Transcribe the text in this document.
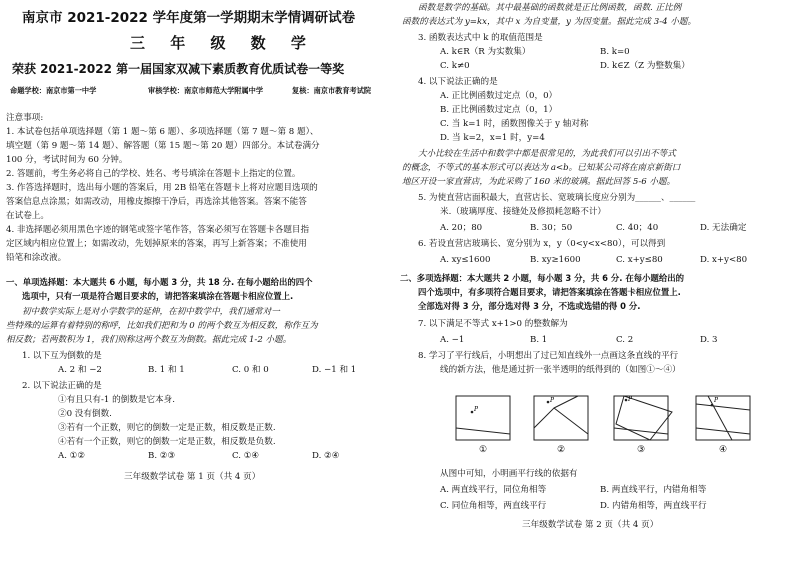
南京市 2021-2022 学年度第一学期期末学情调研试卷
三 年 级 数 学
荣获 2021-2022 第一届国家双减下素质教育优质试卷一等奖
命题学校：南京市第一中学	审核学校：南京市师范大学附属中学	复核：南京市教育考试院
注意事项:
1. 本试卷包括单项选择题（第 1 题～第 6 题）、多项选择题（第 7 题～第 8 题）、
填空题（第 9 题～第 14 题）、解答题（第 15 题～第 20 题）四部分。本试卷满分
100 分，考试时间为 60 分钟。
2. 答题前，考生务必将自己的学校、姓名、考号填涂在答题卡上指定的位置。
3. 作答选择题时，选出每小题的答案后，用 2B 铅笔在答题卡上将对应题目选项的
答案信息点涂黑；如需改动，用橡皮擦擦干净后，再选涂其他答案。答案不能答
在试卷上。
4. 非选择题必须用黑色字迹的钢笔或签字笔作答，答案必须写在答题卡各题目指
定区域内相应位置上；如需改动，先划掉原来的答案，再写上新答案；不准使用
铅笔和涂改液。
一、单项选择题：本大题共 6 小题，每小题 3 分，共 18 分. 在每小题给出的四个
选项中，只有一项是符合题目要求的，请把答案填涂在答题卡相应位置上.
初中数学实际上是对小学数学的延伸，在初中数学中，我们通常对一
些特殊的运算有着特别的称呼，比如我们把和为 0 的两个数互为相反数，称作互为
相反数；若两数积为 1，我们则称这两个数互为倒数。据此完成 1-2 小题。
1. 以下互为倒数的是
A. 2 和 −2	B. 1 和 1	C. 0 和 0	D. −1 和 1
2. 以下说法正确的是
①有且只有-1 的倒数是它本身.
②0 没有倒数.
③若有一个正数，则它的倒数一定是正数，相反数是正数.
④若有一个正数，则它的倒数一定是正数，相反数是负数.
A. ①②	B. ②③	C. ①④	D. ②④
三年级数学试卷 第 1 页（共 4 页）
函数是数学的基础。其中最基础的函数就是正比例函数，函数. 正比例
函数的表达式为 y=kx，其中 x 为自变量，y 为因变量。据此完成 3-4 小题。
3. 函数表达式中 k 的取值范围是
A. k∈R（R 为实数集）	B. k=0
C. k≠0	D. k∈Z（Z 为整数集）
4. 以下说法正确的是
A. 正比例函数过定点（0，0）
B. 正比例函数过定点（0，1）
C. 当 k=1 时，函数图像关于 y 轴对称
D. 当 k=2，x=1 时，y=4
大小比较在生活中和数学中都是很常见的，为此我们可以引出不等式
的概念，不等式的基本形式可以表达为 a<b。已知某公司将在南京新街口
地区开设一家直营店，为此采购了 160 米的玻璃。据此回答 5-6 小题。
5. 为使直营店面积最大，直营店长、宽玻璃长度应分别为______、______
米.（玻璃厚度、接缝处及修损耗忽略不计）
A. 20；80	B. 30；50	C. 40；40	D. 无法确定
6. 若设直营店玻璃长、宽分别为 x，y（0<y<x<80），可以得到
A. xy≤1600	B. xy≥1600	C. x+y≤80	D. x+y<80
二、多项选择题：本大题共 2 小题，每小题 3 分，共 6 分. 在每小题给出的
四个选项中，有多项符合题目要求，请把答案填涂在答题卡相应位置上.
全部选对得 3 分，部分选对得 3 分，不选或选错的得 0 分.
7. 以下满足不等式 x+1>0 的整数解为
A. −1	B. 1	C. 2	D. 3
8. 学习了平行线后，小明想出了过已知直线外一点画这条直线的平行
线的新方法，他是通过折一张半透明的纸得到的（如图①～④）
P
①
P
②
P
③
P
④
从图中可知，小明画平行线的依据有
A. 两直线平行，同位角相等	B. 两直线平行，内错角相等
C. 同位角相等，两直线平行	D. 内错角相等，两直线平行
三年级数学试卷 第 2 页（共 4 页）
